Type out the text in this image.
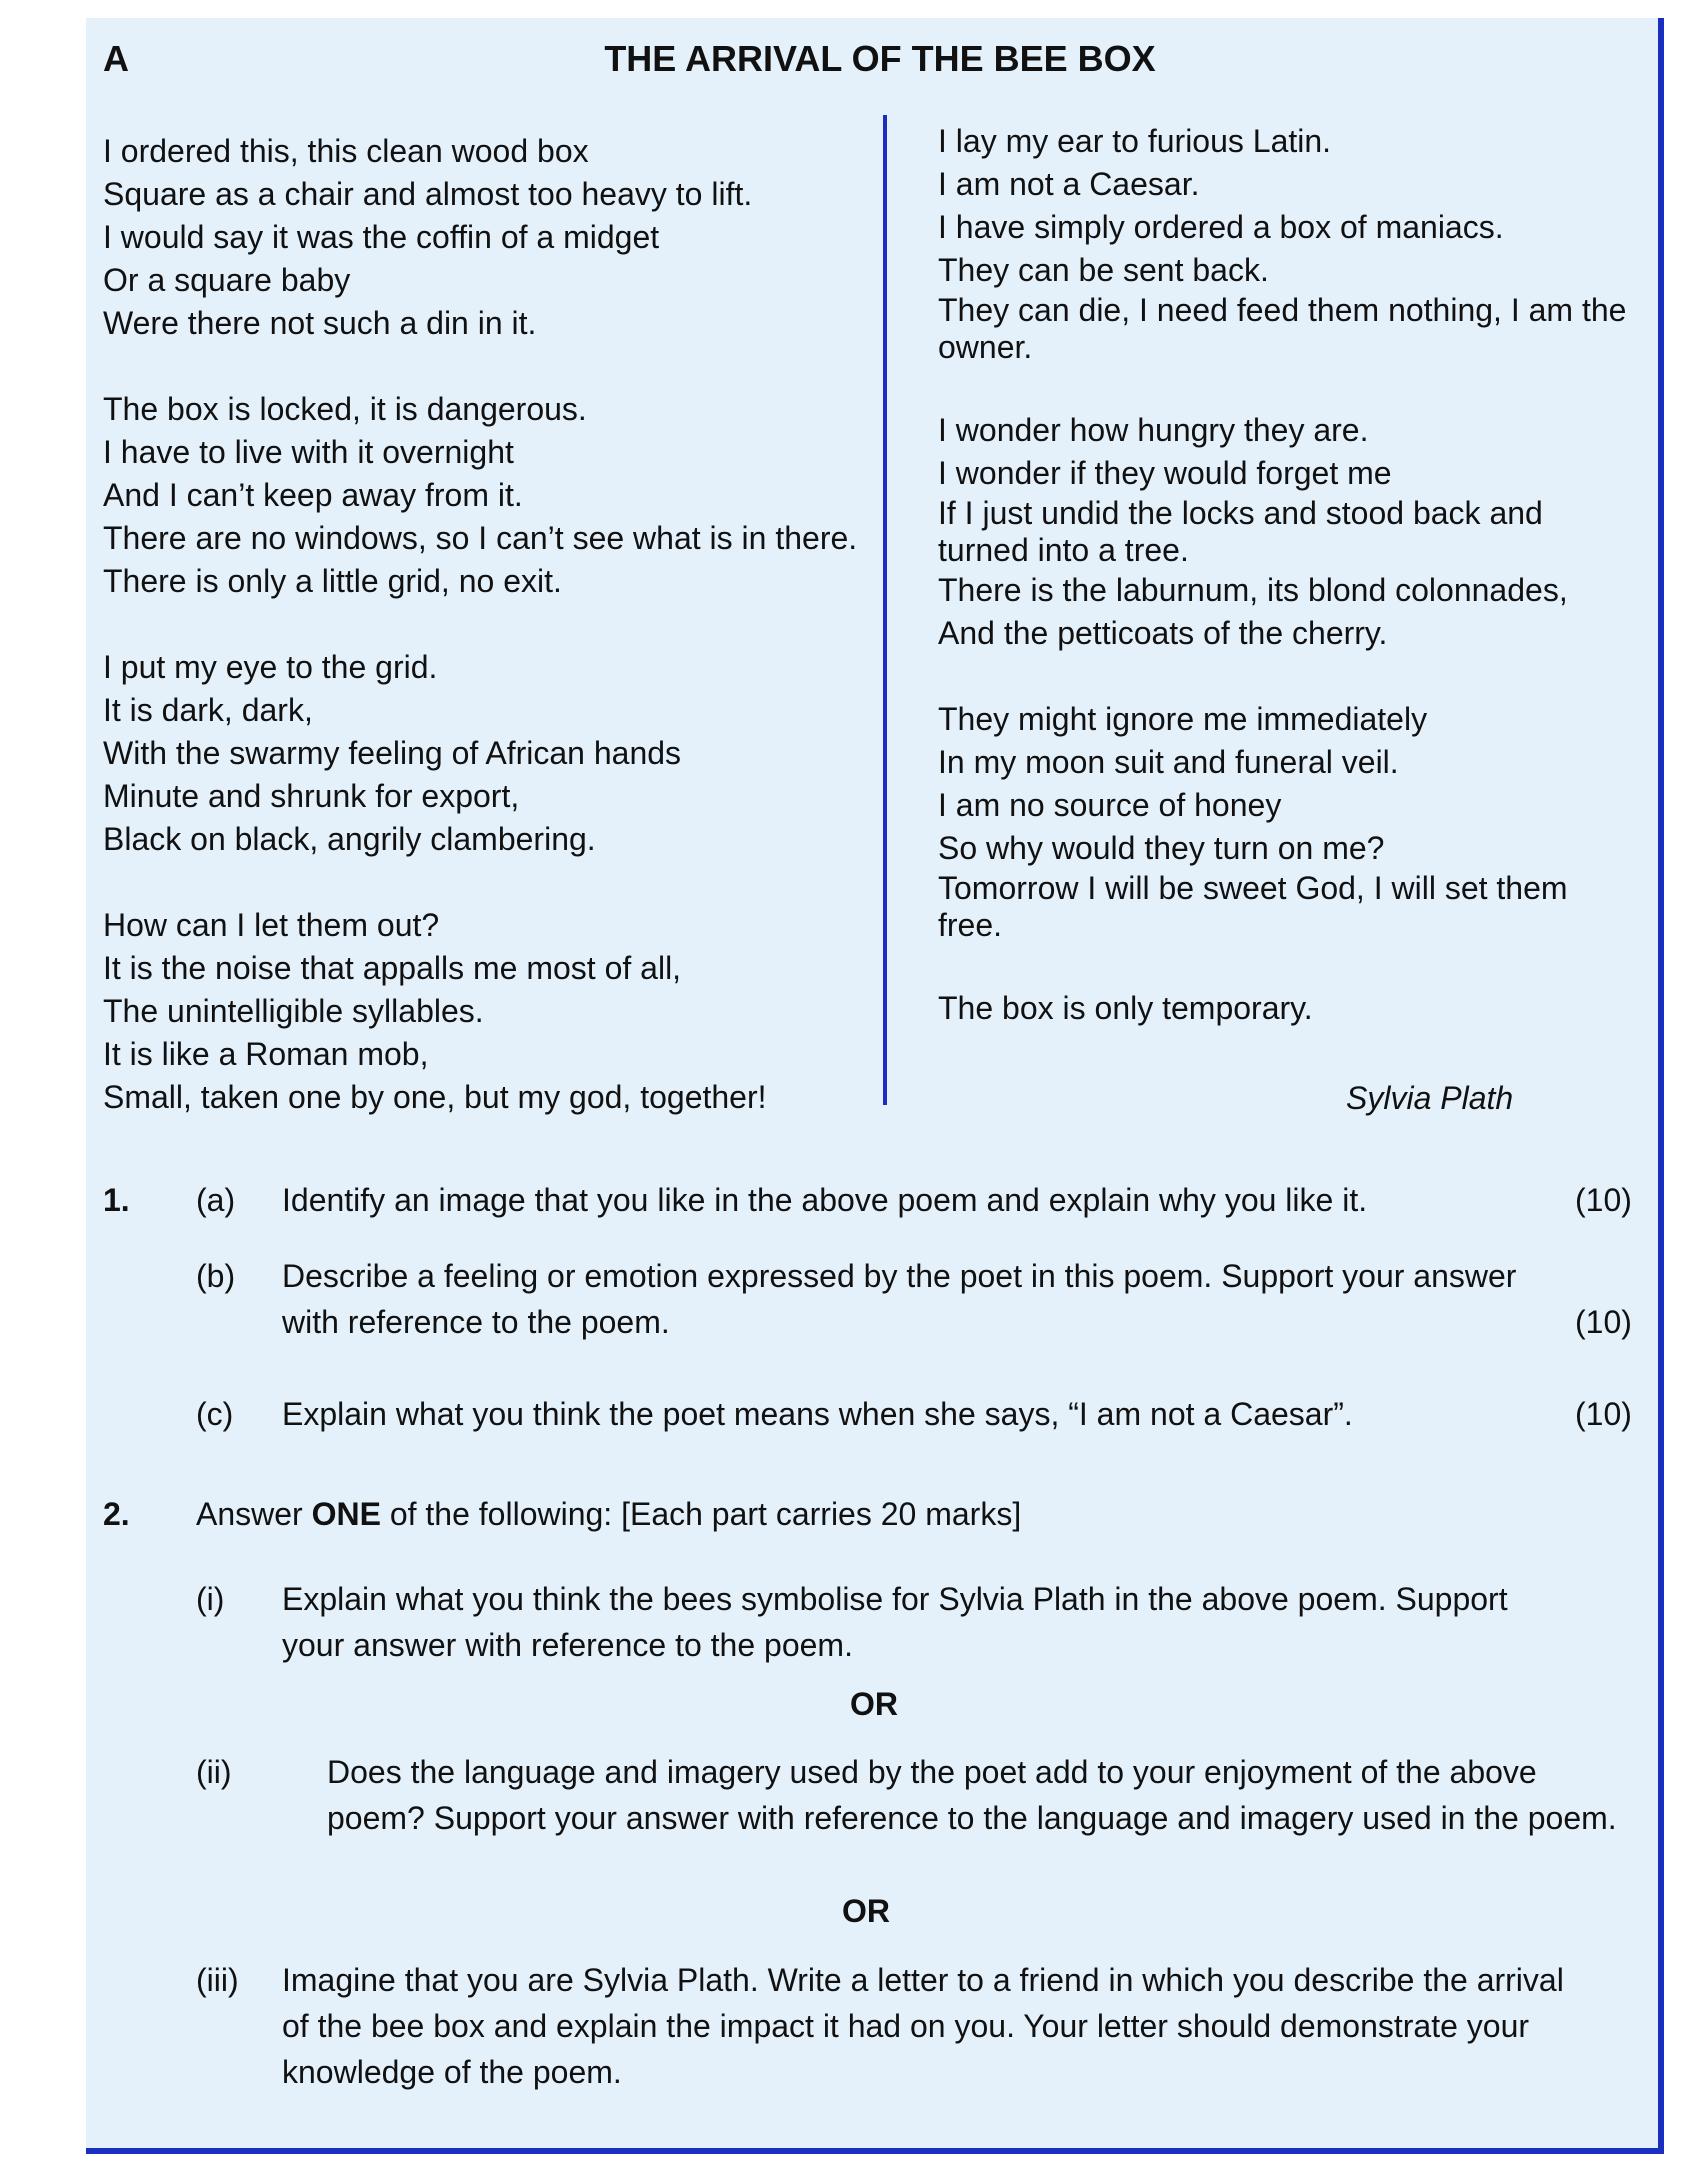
A	THE ARRIVAL OF THE BEE BOX
I ordered this, this clean wood box
Square as a chair and almost too heavy to lift.
I would say it was the coffin of a midget
Or a square baby
Were there not such a din in it.
The box is locked, it is dangerous.
I have to live with it overnight
And I can’t keep away from it.
There are no windows, so I can’t see what is in there.
There is only a little grid, no exit.
I put my eye to the grid.
It is dark, dark,
With the swarmy feeling of African hands
Minute and shrunk for export,
Black on black, angrily clambering.
How can I let them out?
It is the noise that appalls me most of all,
The unintelligible syllables.
It is like a Roman mob,
Small, taken one by one, but my god, together!
I lay my ear to furious Latin.
I am not a Caesar.
I have simply ordered a box of maniacs.
They can be sent back.
They can die, I need feed them nothing, I am the owner.
I wonder how hungry they are.
I wonder if they would forget me
If I just undid the locks and stood back and turned into a tree.
There is the laburnum, its blond colonnades,
And the petticoats of the cherry.
They might ignore me immediately
In my moon suit and funeral veil.
I am no source of honey
So why would they turn on me?
Tomorrow I will be sweet God, I will set them free.
The box is only temporary.
Sylvia Plath
1. (a) Identify an image that you like in the above poem and explain why you like it.	(10)
(b) Describe a feeling or emotion expressed by the poet in this poem. Support your answer
with reference to the poem.	(10)
(c) Explain what you think the poet means when she says, “I am not a Caesar”.	(10)
2. Answer ONE of the following: [Each part carries 20 marks]
(i) Explain what you think the bees symbolise for Sylvia Plath in the above poem. Support your answer with reference to the poem.
OR
(ii)	Does the language and imagery used by the poet add to your enjoyment of the above poem? Support your answer with reference to the language and imagery used in the poem.
OR
(iii) Imagine that you are Sylvia Plath. Write a letter to a friend in which you describe the arrival of the bee box and explain the impact it had on you. Your letter should demonstrate your knowledge of the poem.
